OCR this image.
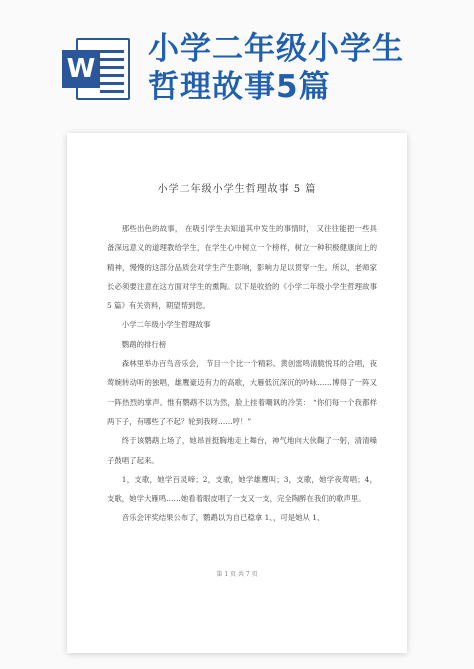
W
小学二年级小学生
哲理故事5篇
小学二年级小学生哲理故事 5 篇

那些出色的故事， 在吸引学生去知道其中发生的事情时， 又往往能把一些具备深远意义的道理教给学生，在学生心中树立一个榜样，树立一种积极健康向上的精神，慢慢的这部分品质会对学生产生影响，影响力足以贯穿一生。所以，老师家长必须要注意在这方面对学生的熏陶。以下是收拾的《小学二年级小学生哲理故事 5 篇》有关资料，期望帮到您。

小学二年级小学生哲理故事

鹦鹉的排行榜

森林里举办百鸟音乐会， 节目一个比一个精彩。黄创雷鸣清脆悦耳的合唱，夜莺婉转动听的独唱，雄鹰豪迈有力的高歌，大雁低沉深沉的吟咏……博得了一阵又一阵热烈的掌声。惟有鹦鹉不以为然，脸上挂着嘲讽的冷笑： “你们每一个我都样两下子，有哪些了不起？轮到我呀……哼！”

终于该鹦鹉上场了，她昂首挺胸地走上舞台，神气地向大伙鞠了一躬，清清嗓子鼓唱了起来。

1，支歌，她学百灵啼；2，支歌，她学雄鹰叫；3，支歌，她学夜莺唱；4，支歌，她学大雁鸣……她看着眼皮唱了一支又一支，完全陶醉在我们的歌声里。

音乐会评奖结果公布了，鹦鹉以为自已稳拿 1、，可是她从 1、

第 1 页 共 7 页
